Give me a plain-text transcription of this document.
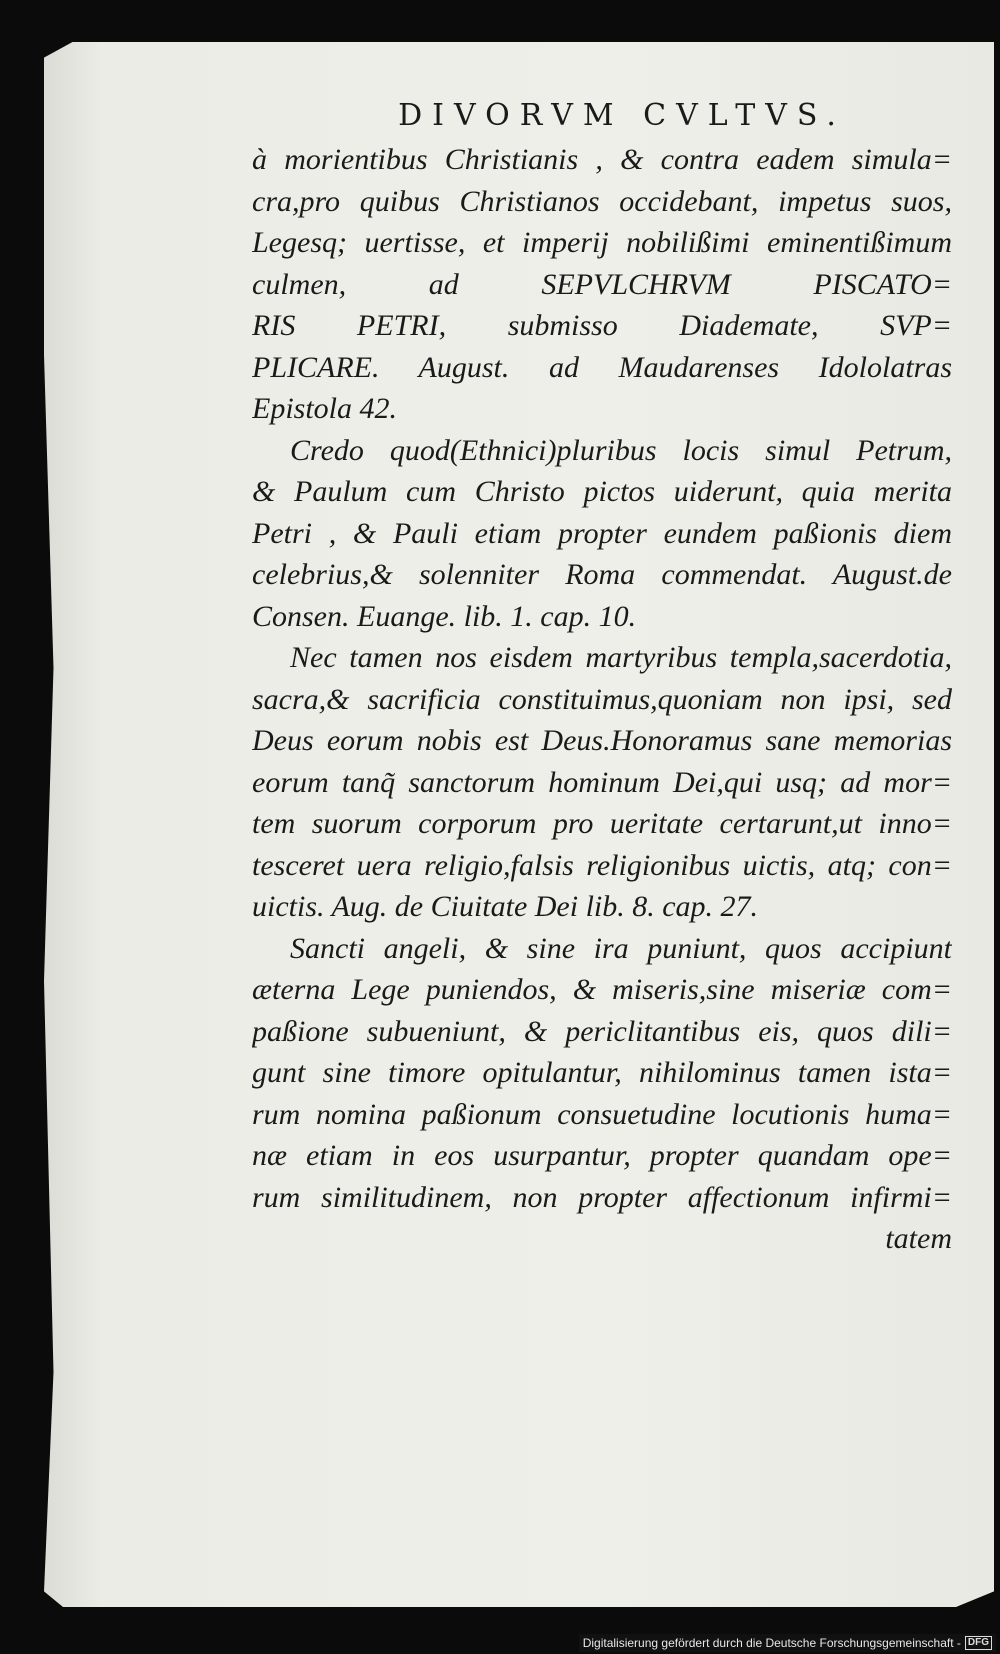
DIVORVM CVLTVS.
à morientibus Christianis , & contra eadem simula=
cra,pro quibus Christianos occidebant, impetus suos,
Legesq; uertisse, et imperij nobilißimi eminentißimum
culmen, ad SEPVLCHRVM PISCATO=
RIS PETRI, submisso Diademate, SVP=
PLICARE. August. ad Maudarenses Idololatras
Epistola 42.
Credo quod(Ethnici)pluribus locis simul Petrum,
& Paulum cum Christo pictos uiderunt, quia merita
Petri , & Pauli etiam propter eundem paßionis diem
celebrius,& solenniter Roma commendat. August.de
Consen. Euange. lib. 1. cap. 10.
Nec tamen nos eisdem martyribus templa,sacerdotia,
sacra,& sacrificia constituimus,quoniam non ipsi, sed
Deus eorum nobis est Deus.Honoramus sane memorias
eorum tanq̃ sanctorum hominum Dei,qui usq; ad mor=
tem suorum corporum pro ueritate certarunt,ut inno=
tesceret uera religio,falsis religionibus uictis, atq; con=
uictis. Aug. de Ciuitate Dei lib. 8. cap. 27.
Sancti angeli, & sine ira puniunt, quos accipiunt
æterna Lege puniendos, & miseris,sine miseriæ com=
paßione subueniunt, & periclitantibus eis, quos dili=
gunt sine timore opitulantur, nihilominus tamen ista=
rum nomina paßionum consuetudine locutionis huma=
næ etiam in eos usurpantur, propter quandam ope=
rum similitudinem, non propter affectionum infirmi=
tatem
Digitalisierung gefördert durch die Deutsche Forschungsgemeinschaft - DFG
